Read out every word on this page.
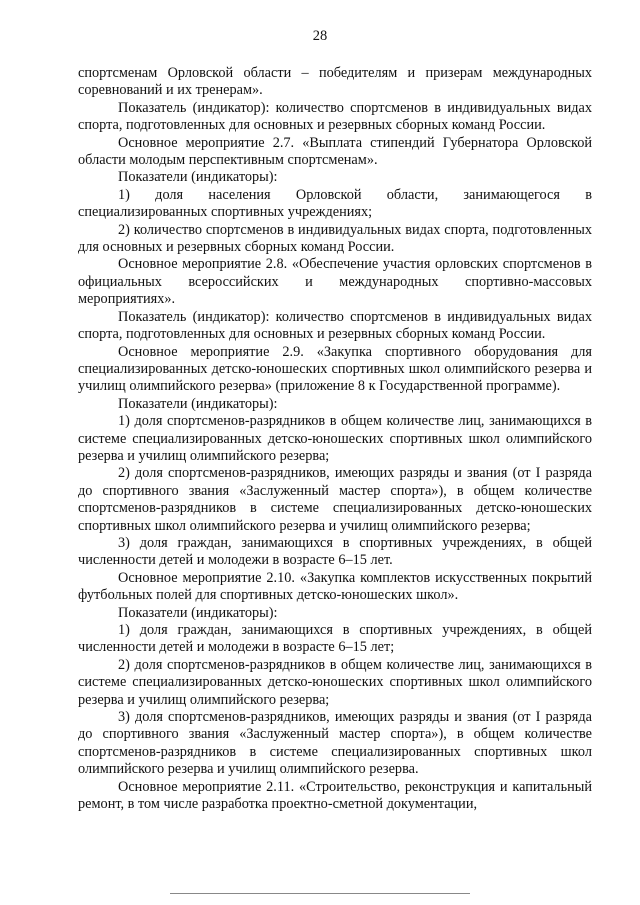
28

спортсменам Орловской области – победителям и призерам международных соревнований и их тренерам».

Показатель (индикатор): количество спортсменов в индивидуальных видах спорта, подготовленных для основных и резервных сборных команд России.

Основное мероприятие 2.7. «Выплата стипендий Губернатора Орловской области молодым перспективным спортсменам».

Показатели (индикаторы):

1) доля населения Орловской области, занимающегося в специализированных спортивных учреждениях;

2) количество спортсменов в индивидуальных видах спорта, подготовленных для основных и резервных сборных команд России.

Основное мероприятие 2.8. «Обеспечение участия орловских спортсменов в официальных всероссийских и международных спортивно-массовых мероприятиях».

Показатель (индикатор): количество спортсменов в индивидуальных видах спорта, подготовленных для основных и резервных сборных команд России.

Основное мероприятие 2.9. «Закупка спортивного оборудования для специализированных детско-юношеских спортивных школ олимпийского резерва и училищ олимпийского резерва» (приложение 8 к Государственной программе).

Показатели (индикаторы):

1) доля спортсменов-разрядников в общем количестве лиц, занимающихся в системе специализированных детско-юношеских спортивных школ олимпийского резерва и училищ олимпийского резерва;

2) доля спортсменов-разрядников, имеющих разряды и звания (от I разряда до спортивного звания «Заслуженный мастер спорта»), в общем количестве спортсменов-разрядников в системе специализированных детско-юношеских спортивных школ олимпийского резерва и училищ олимпийского резерва;

3) доля граждан, занимающихся в спортивных учреждениях, в общей численности детей и молодежи в возрасте 6–15 лет.

Основное мероприятие 2.10. «Закупка комплектов искусственных покрытий футбольных полей для спортивных детско-юношеских школ».

Показатели (индикаторы):

1) доля граждан, занимающихся в спортивных учреждениях, в общей численности детей и молодежи в возрасте 6–15 лет;

2) доля спортсменов-разрядников в общем количестве лиц, занимающихся в системе специализированных детско-юношеских спортивных школ олимпийского резерва и училищ олимпийского резерва;

3) доля спортсменов-разрядников, имеющих разряды и звания (от I разряда до спортивного звания «Заслуженный мастер спорта»), в общем количестве спортсменов-разрядников в системе специализированных спортивных школ олимпийского резерва и училищ олимпийского резерва.

Основное мероприятие 2.11. «Строительство, реконструкция и капитальный ремонт, в том числе разработка проектно-сметной документации,
